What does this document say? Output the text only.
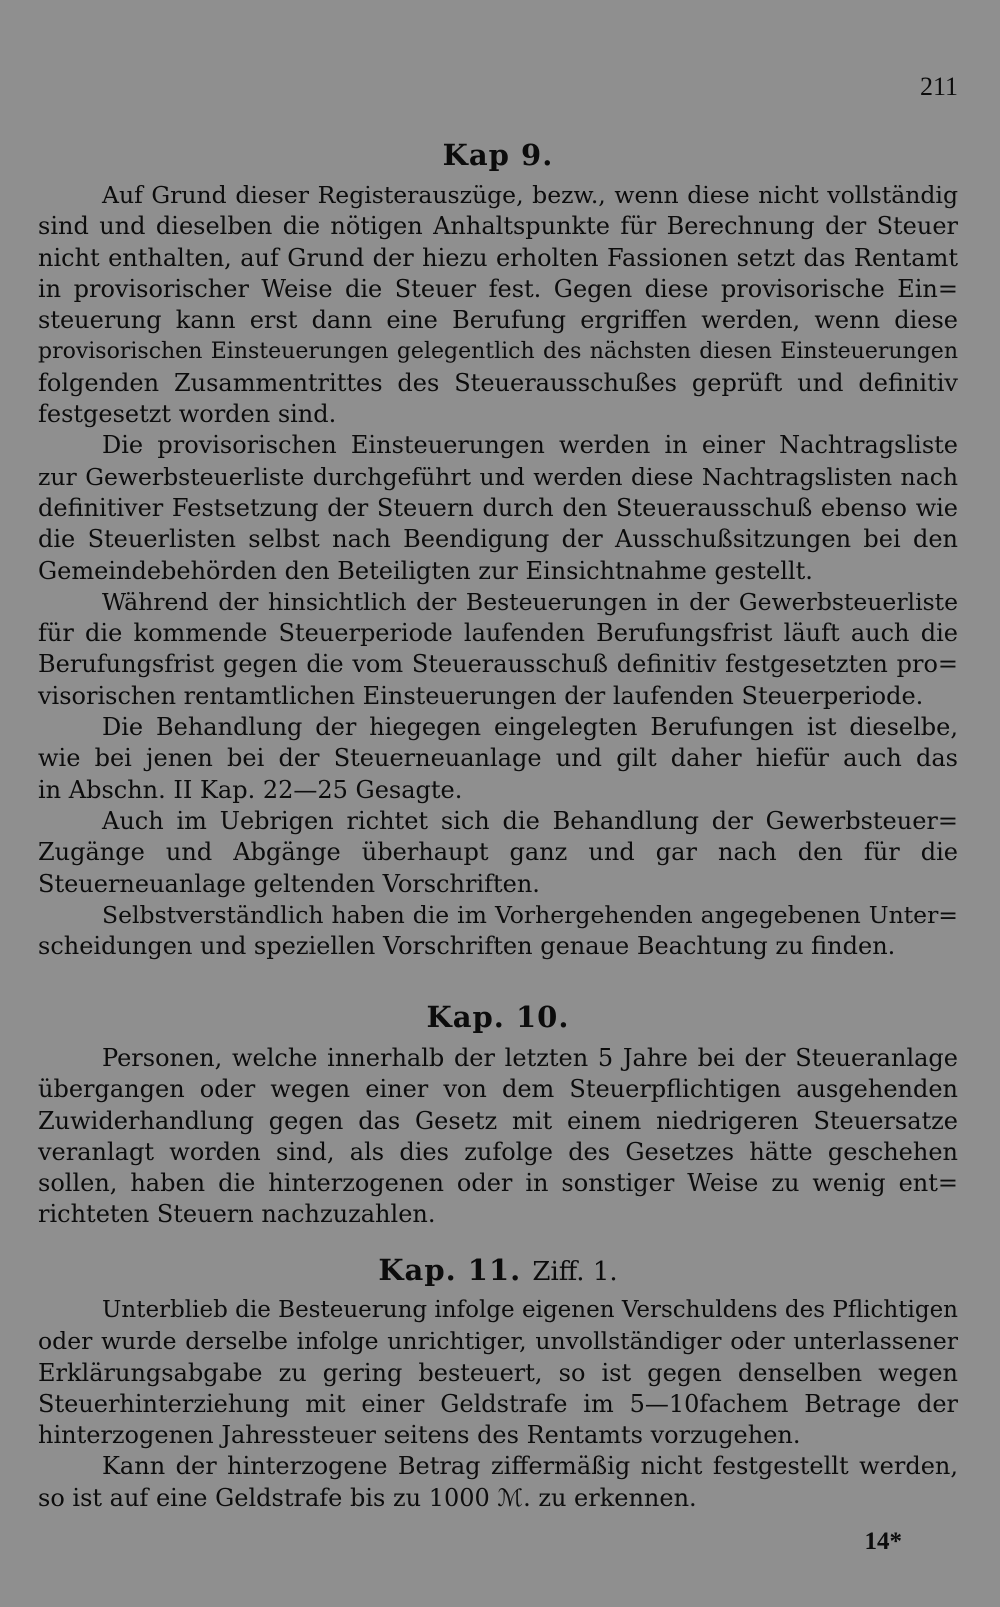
211
Kap 9.
Auf Grund dieser Registerauszüge, bezw., wenn diese nicht vollständig
sind und dieselben die nötigen Anhaltspunkte für Berechnung der Steuer
nicht enthalten, auf Grund der hiezu erholten Fassionen setzt das Rentamt
in provisorischer Weise die Steuer fest. Gegen diese provisorische Ein=
steuerung kann erst dann eine Berufung ergriffen werden, wenn diese
provisorischen Einsteuerungen gelegentlich des nächsten diesen Einsteuerungen
folgenden Zusammentrittes des Steuerausschußes geprüft und definitiv
festgesetzt worden sind.
Die provisorischen Einsteuerungen werden in einer Nachtragsliste
zur Gewerbsteuerliste durchgeführt und werden diese Nachtragslisten nach
definitiver Festsetzung der Steuern durch den Steuerausschuß ebenso wie
die Steuerlisten selbst nach Beendigung der Ausschußsitzungen bei den
Gemeindebehörden den Beteiligten zur Einsichtnahme gestellt.
Während der hinsichtlich der Besteuerungen in der Gewerbsteuerliste
für die kommende Steuerperiode laufenden Berufungsfrist läuft auch die
Berufungsfrist gegen die vom Steuerausschuß definitiv festgesetzten pro=
visorischen rentamtlichen Einsteuerungen der laufenden Steuerperiode.
Die Behandlung der hiegegen eingelegten Berufungen ist dieselbe,
wie bei jenen bei der Steuerneuanlage und gilt daher hiefür auch das
in Abschn. II Kap. 22—25 Gesagte.
Auch im Uebrigen richtet sich die Behandlung der Gewerbsteuer=
Zugänge und Abgänge überhaupt ganz und gar nach den für die
Steuerneuanlage geltenden Vorschriften.
Selbstverständlich haben die im Vorhergehenden angegebenen Unter=
scheidungen und speziellen Vorschriften genaue Beachtung zu finden.
Kap. 10.
Personen, welche innerhalb der letzten 5 Jahre bei der Steueranlage
übergangen oder wegen einer von dem Steuerpflichtigen ausgehenden
Zuwiderhandlung gegen das Gesetz mit einem niedrigeren Steuersatze
veranlagt worden sind, als dies zufolge des Gesetzes hätte geschehen
sollen, haben die hinterzogenen oder in sonstiger Weise zu wenig ent=
richteten Steuern nachzuzahlen.
Kap. 11. Ziff. 1.
Unterblieb die Besteuerung infolge eigenen Verschuldens des Pflichtigen
oder wurde derselbe infolge unrichtiger, unvollständiger oder unterlassener
Erklärungsabgabe zu gering besteuert, so ist gegen denselben wegen
Steuerhinterziehung mit einer Geldstrafe im 5—10fachem Betrage der
hinterzogenen Jahressteuer seitens des Rentamts vorzugehen.
Kann der hinterzogene Betrag ziffermäßig nicht festgestellt werden,
so ist auf eine Geldstrafe bis zu 1000 ℳ. zu erkennen.
14*
